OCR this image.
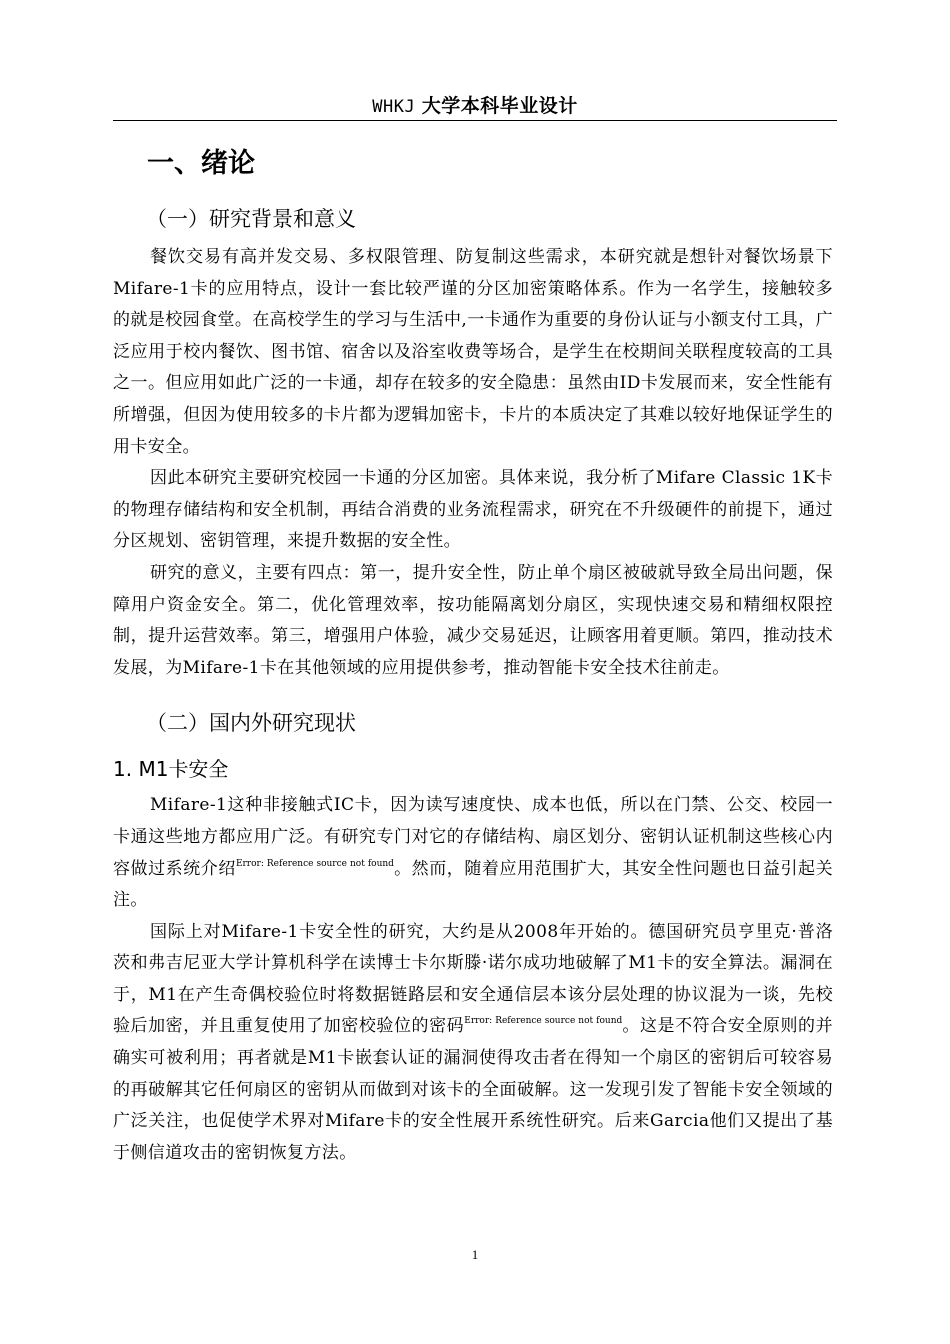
WHKJ 大学本科毕业设计
一、绪论
（一）研究背景和意义

餐饮交易有高并发交易、多权限管理、防复制这些需求，本研究就是想针对餐饮场景下Mifare-1卡的应用特点，设计一套比较严谨的分区加密策略体系。作为一名学生，接触较多的就是校园食堂。在高校学生的学习与生活中,一卡通作为重要的身份认证与小额支付工具，广泛应用于校内餐饮、图书馆、宿舍以及浴室收费等场合，是学生在校期间关联程度较高的工具之一。但应用如此广泛的一卡通，却存在较多的安全隐患：虽然由ID卡发展而来，安全性能有所增强，但因为使用较多的卡片都为逻辑加密卡，卡片的本质决定了其难以较好地保证学生的用卡安全。

因此本研究主要研究校园一卡通的分区加密。具体来说，我分析了Mifare Classic 1K卡的物理存储结构和安全机制，再结合消费的业务流程需求，研究在不升级硬件的前提下，通过分区规划、密钥管理，来提升数据的安全性。

研究的意义，主要有四点：第一，提升安全性，防止单个扇区被破就导致全局出问题，保障用户资金安全。第二，优化管理效率，按功能隔离划分扇区，实现快速交易和精细权限控制，提升运营效率。第三，增强用户体验，减少交易延迟，让顾客用着更顺。第四，推动技术发展，为Mifare-1卡在其他领域的应用提供参考，推动智能卡安全技术往前走。

（二）国内外研究现状
1. M1卡安全

Mifare-1这种非接触式IC卡，因为读写速度快、成本也低，所以在门禁、公交、校园一卡通这些地方都应用广泛。有研究专门对它的存储结构、扇区划分、密钥认证机制这些核心内容做过系统介绍$^{Error: Reference source not found}$。然而，随着应用范围扩大，其安全性问题也日益引起关注。

国际上对Mifare-1卡安全性的研究，大约是从2008年开始的。德国研究员亨里克·普洛茨和弗吉尼亚大学计算机科学在读博士卡尔斯滕·诺尔成功地破解了M1卡的安全算法。漏洞在于，M1在产生奇偶校验位时将数据链路层和安全通信层本该分层处理的协议混为一谈，先校验后加密，并且重复使用了加密校验位的密码$^{Error: Reference source not found}$。这是不符合安全原则的并确实可被利用；再者就是M1卡嵌套认证的漏洞使得攻击者在得知一个扇区的密钥后可较容易的再破解其它任何扇区的密钥从而做到对该卡的全面破解。这一发现引发了智能卡安全领域的广泛关注，也促使学术界对Mifare卡的安全性展开系统性研究。后来Garcia他们又提出了基于侧信道攻击的密钥恢复方法。

1
